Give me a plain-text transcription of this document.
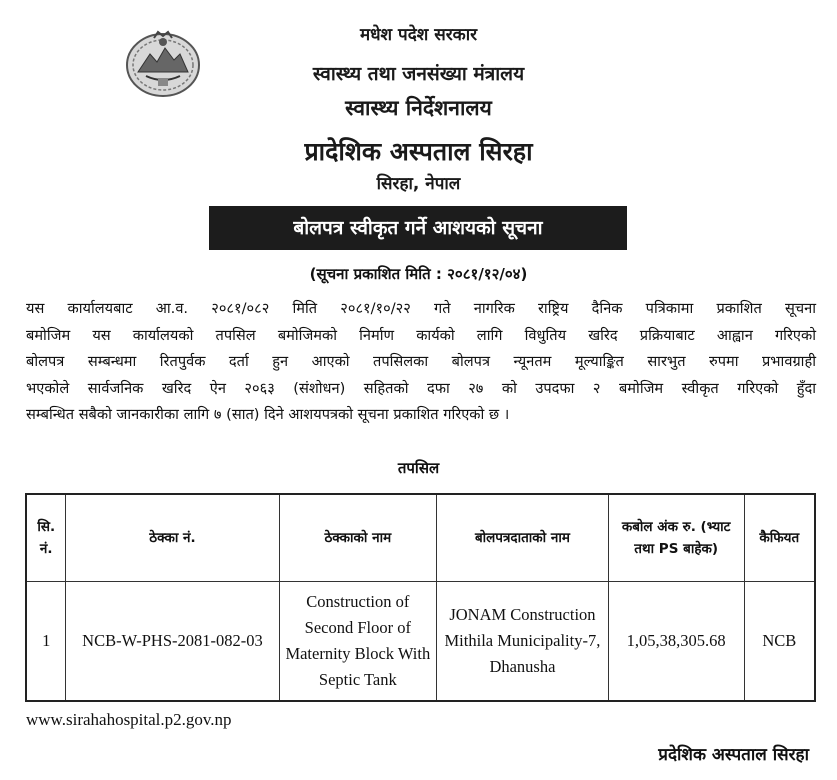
मधेश पदेश सरकार
स्वास्थ्य तथा जनसंख्या मंत्रालय
स्वास्थ्य निर्देशनालय
प्रादेशिक अस्पताल सिरहा
सिरहा, नेपाल
बोलपत्र स्वीकृत गर्ने आशयको सूचना
(सूचना प्रकाशित मिति : २०८१/१२/०४)
यस कार्यालयबाट आ.व. २०८१/०८२ मिति २०८१/१०/२२ गते नागरिक राष्ट्रिय दैनिक पत्रिकामा प्रकाशित सूचना
बमोजिम यस कार्यालयको तपसिल बमोजिमको निर्माण कार्यको लागि विधुतिय खरिद प्रक्रियाबाट आह्वान गरिएको
बोलपत्र सम्बन्धमा रितपुर्वक दर्ता हुन आएको तपसिलका बोलपत्र न्यूनतम मूल्याङ्कित सारभुत रुपमा प्रभावग्राही
भएकोले सार्वजनिक खरिद ऐन २०६३ (संशोधन) सहितको दफा २७ को उपदफा २ बमोजिम स्वीकृत गरिएको हुँदा
सम्बन्धित सबैको जानकारीका लागि ७ (सात) दिने आशयपत्रको सूचना प्रकाशित गरिएको छ ।
तपसिल
सि. नं.	ठेक्का नं.	ठेक्काको नाम	बोलपत्रदाताको नाम	कबोल अंक रु. (भ्याट तथा PS बाहेक)	कैफियत
1	NCB-W-PHS-2081-082-03	Construction of Second Floor of Maternity Block With Septic Tank	JONAM Construction Mithila Municipality-7, Dhanusha	1,05,38,305.68	NCB
www.sirahahospital.p2.gov.np
प्रदेशिक अस्पताल सिरहा
